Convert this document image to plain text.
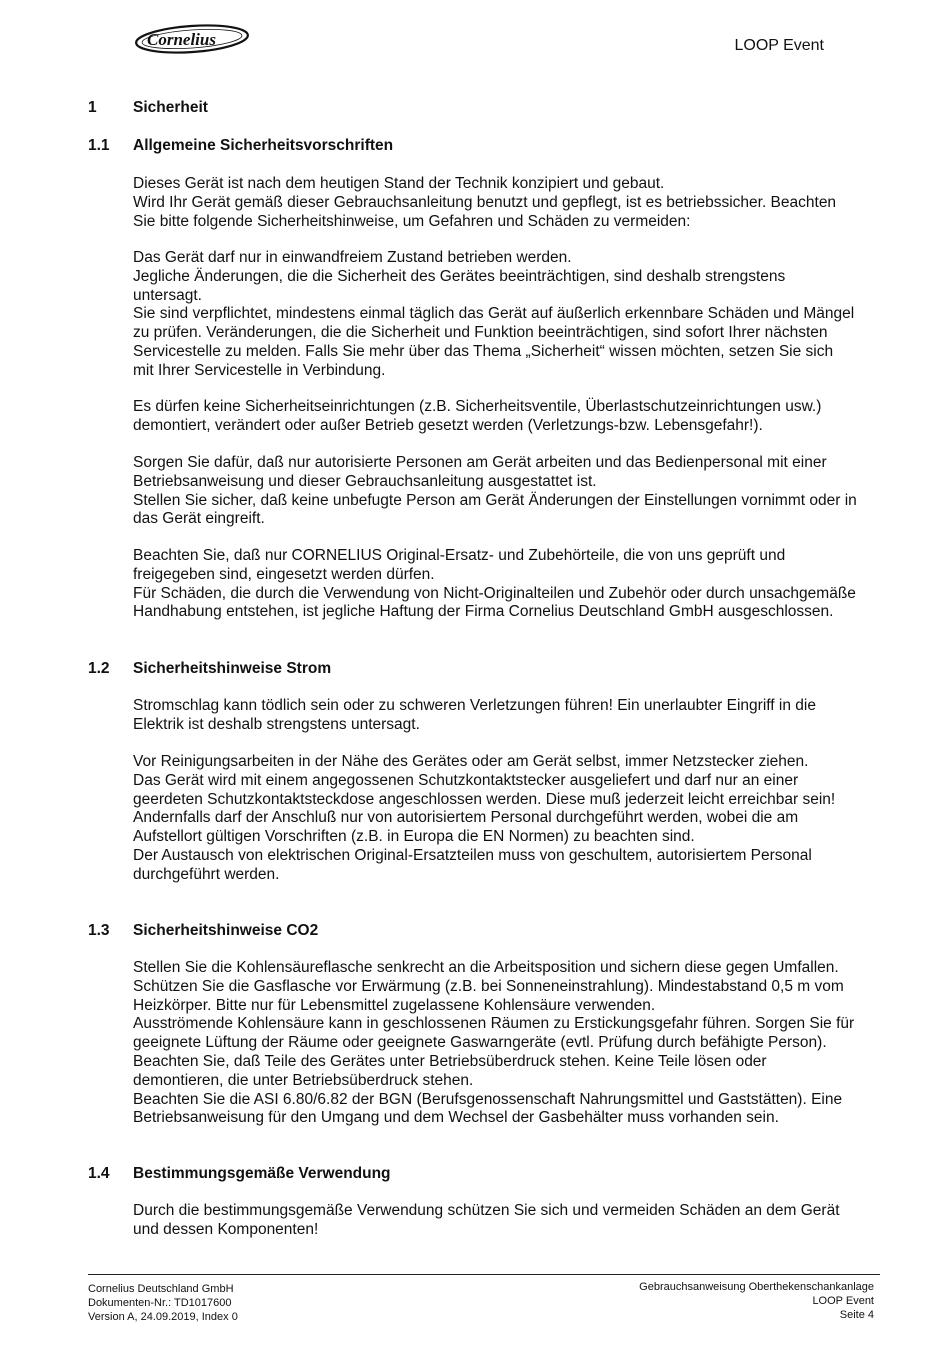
Cornelius	LOOP Event
1 Sicherheit
1.1 Allgemeine Sicherheitsvorschriften
Dieses Gerät ist nach dem heutigen Stand der Technik konzipiert und gebaut.
Wird Ihr Gerät gemäß dieser Gebrauchsanleitung benutzt und gepflegt, ist es betriebssicher. Beachten
Sie bitte folgende Sicherheitshinweise, um Gefahren und Schäden zu vermeiden:
Das Gerät darf nur in einwandfreiem Zustand betrieben werden.
Jegliche Änderungen, die die Sicherheit des Gerätes beeinträchtigen, sind deshalb strengstens
untersagt.
Sie sind verpflichtet, mindestens einmal täglich das Gerät auf äußerlich erkennbare Schäden und Mängel
zu prüfen. Veränderungen, die die Sicherheit und Funktion beeinträchtigen, sind sofort Ihrer nächsten
Servicestelle zu melden. Falls Sie mehr über das Thema „Sicherheit“ wissen möchten, setzen Sie sich
mit Ihrer Servicestelle in Verbindung.
Es dürfen keine Sicherheitseinrichtungen (z.B. Sicherheitsventile, Überlastschutzeinrichtungen usw.)
demontiert, verändert oder außer Betrieb gesetzt werden (Verletzungs-bzw. Lebensgefahr!).
Sorgen Sie dafür, daß nur autorisierte Personen am Gerät arbeiten und das Bedienpersonal mit einer
Betriebsanweisung und dieser Gebrauchsanleitung ausgestattet ist.
Stellen Sie sicher, daß keine unbefugte Person am Gerät Änderungen der Einstellungen vornimmt oder in
das Gerät eingreift.
Beachten Sie, daß nur CORNELIUS Original-Ersatz- und Zubehörteile, die von uns geprüft und
freigegeben sind, eingesetzt werden dürfen.
Für Schäden, die durch die Verwendung von Nicht-Originalteilen und Zubehör oder durch unsachgemäße
Handhabung entstehen, ist jegliche Haftung der Firma Cornelius Deutschland GmbH ausgeschlossen.
1.2 Sicherheitshinweise Strom
Stromschlag kann tödlich sein oder zu schweren Verletzungen führen! Ein unerlaubter Eingriff in die
Elektrik ist deshalb strengstens untersagt.
Vor Reinigungsarbeiten in der Nähe des Gerätes oder am Gerät selbst, immer Netzstecker ziehen.
Das Gerät wird mit einem angegossenen Schutzkontaktstecker ausgeliefert und darf nur an einer
geerdeten Schutzkontaktsteckdose angeschlossen werden. Diese muß jederzeit leicht erreichbar sein!
Andernfalls darf der Anschluß nur von autorisiertem Personal durchgeführt werden, wobei die am
Aufstellort gültigen Vorschriften (z.B. in Europa die EN Normen) zu beachten sind.
Der Austausch von elektrischen Original-Ersatzteilen muss von geschultem, autorisiertem Personal
durchgeführt werden.
1.3 Sicherheitshinweise CO2
Stellen Sie die Kohlensäureflasche senkrecht an die Arbeitsposition und sichern diese gegen Umfallen.
Schützen Sie die Gasflasche vor Erwärmung (z.B. bei Sonneneinstrahlung). Mindestabstand 0,5 m vom
Heizkörper. Bitte nur für Lebensmittel zugelassene Kohlensäure verwenden.
Ausströmende Kohlensäure kann in geschlossenen Räumen zu Erstickungsgefahr führen. Sorgen Sie für
geeignete Lüftung der Räume oder geeignete Gaswarngeräte (evtl. Prüfung durch befähigte Person).
Beachten Sie, daß Teile des Gerätes unter Betriebsüberdruck stehen. Keine Teile lösen oder
demontieren, die unter Betriebsüberdruck stehen.
Beachten Sie die ASI 6.80/6.82 der BGN (Berufsgenossenschaft Nahrungsmittel und Gaststätten). Eine
Betriebsanweisung für den Umgang und dem Wechsel der Gasbehälter muss vorhanden sein.
1.4 Bestimmungsgemäße Verwendung
Durch die bestimmungsgemäße Verwendung schützen Sie sich und vermeiden Schäden an dem Gerät
und dessen Komponenten!
Cornelius Deutschland GmbH
Dokumenten-Nr.: TD1017600
Version A, 24.09.2019, Index 0
Gebrauchsanweisung Oberthekenschankanlage
LOOP Event
Seite 4
